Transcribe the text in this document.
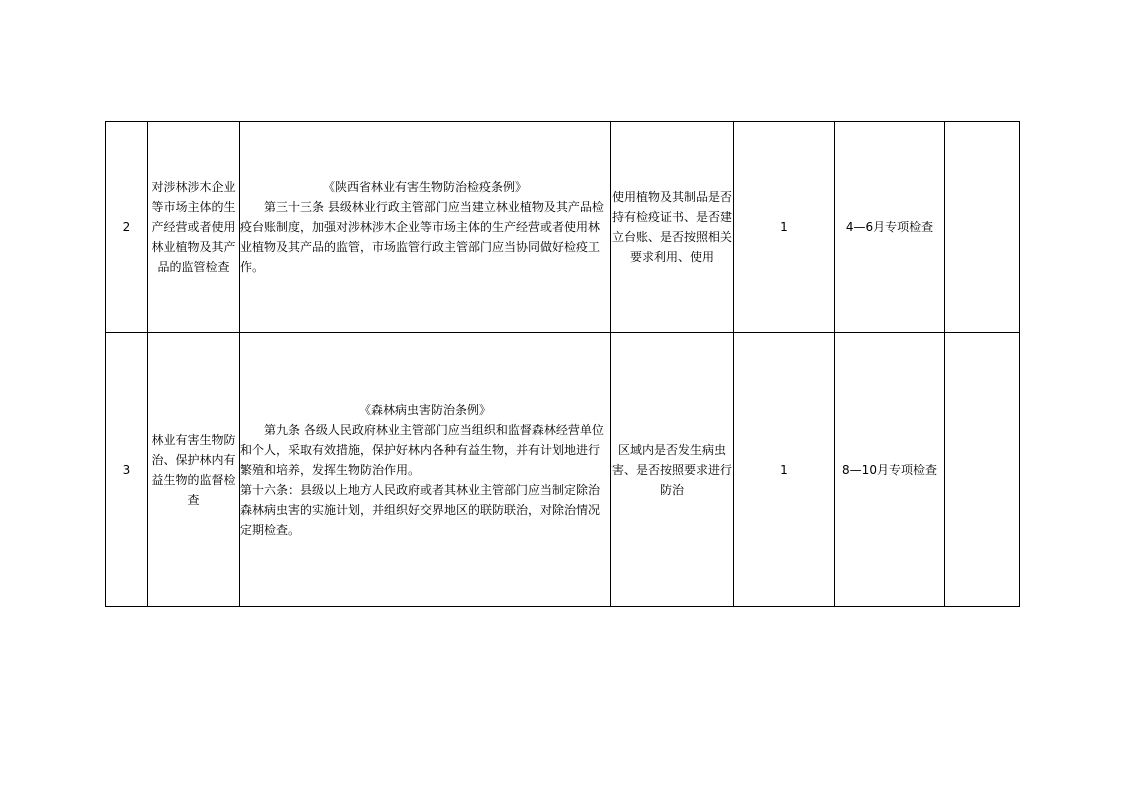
2	对涉林涉木企业等市场主体的生产经营或者使用林业植物及其产品的监管检查	《陕西省林业有害生物防治检疫条例》
第三十三条 县级林业行政主管部门应当建立林业植物及其产品检疫台账制度，加强对涉林涉木企业等市场主体的生产经营或者使用林业植物及其产品的监管，市场监管行政主管部门应当协同做好检疫工作。	使用植物及其制品是否持有检疫证书、是否建立台账、是否按照相关要求利用、使用	1	4—6月专项检查	
3	林业有害生物防治、保护林内有益生物的监督检查	《森林病虫害防治条例》
第九条 各级人民政府林业主管部门应当组织和监督森林经营单位和个人，采取有效措施，保护好林内各种有益生物，并有计划地进行繁殖和培养，发挥生物防治作用。
第十六条：县级以上地方人民政府或者其林业主管部门应当制定除治森林病虫害的实施计划，并组织好交界地区的联防联治，对除治情况定期检查。	区域内是否发生病虫害、是否按照要求进行防治	1	8—10月专项检查	
